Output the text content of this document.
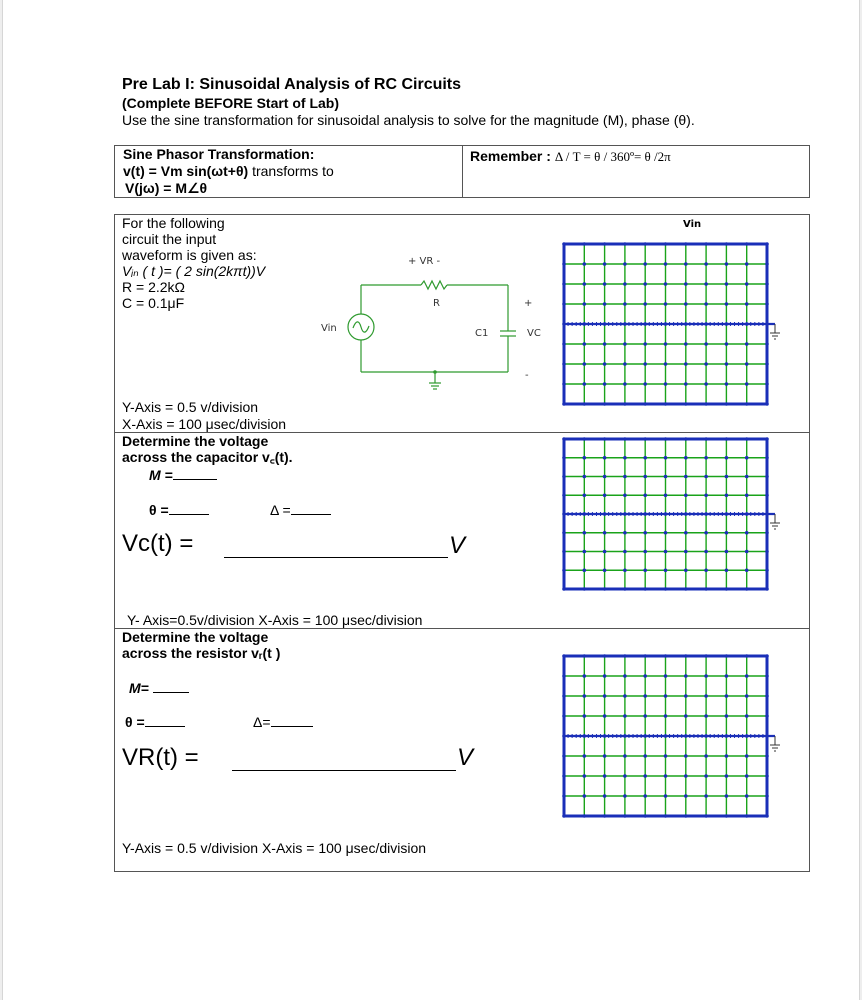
Pre Lab I: Sinusoidal Analysis of RC Circuits
(Complete BEFORE Start of Lab)
Use the sine transformation for sinusoidal analysis to solve for the magnitude (M), phase (θ).
Sine Phasor Transformation:
v(t) = Vm sin(ωt+θ) transforms to
V(jω) = M∠θ
Remember : Δ / T = θ / 360º= θ /2π
For the following
circuit the input
waveform is given as:
Vᵢₙ ( t )= ( 2 sin(2kπt))V
R = 2.2kΩ
C = 0.1μF
Y-Axis = 0.5 v/division
X-Axis = 100 μsec/division
+ VR -
R
Vin	C1
+
VC
-
Vin
Determine the voltage
across the capacitor v꜀(t).
M =
θ =	Δ =
Vc(t) =	V
Y- Axis=0.5v/division X-Axis = 100 μsec/division
Determine the voltage
across the resistor vᵣ(t )
M=
θ =	Δ=
VR(t) =	V
Y-Axis = 0.5 v/division X-Axis = 100 μsec/division
